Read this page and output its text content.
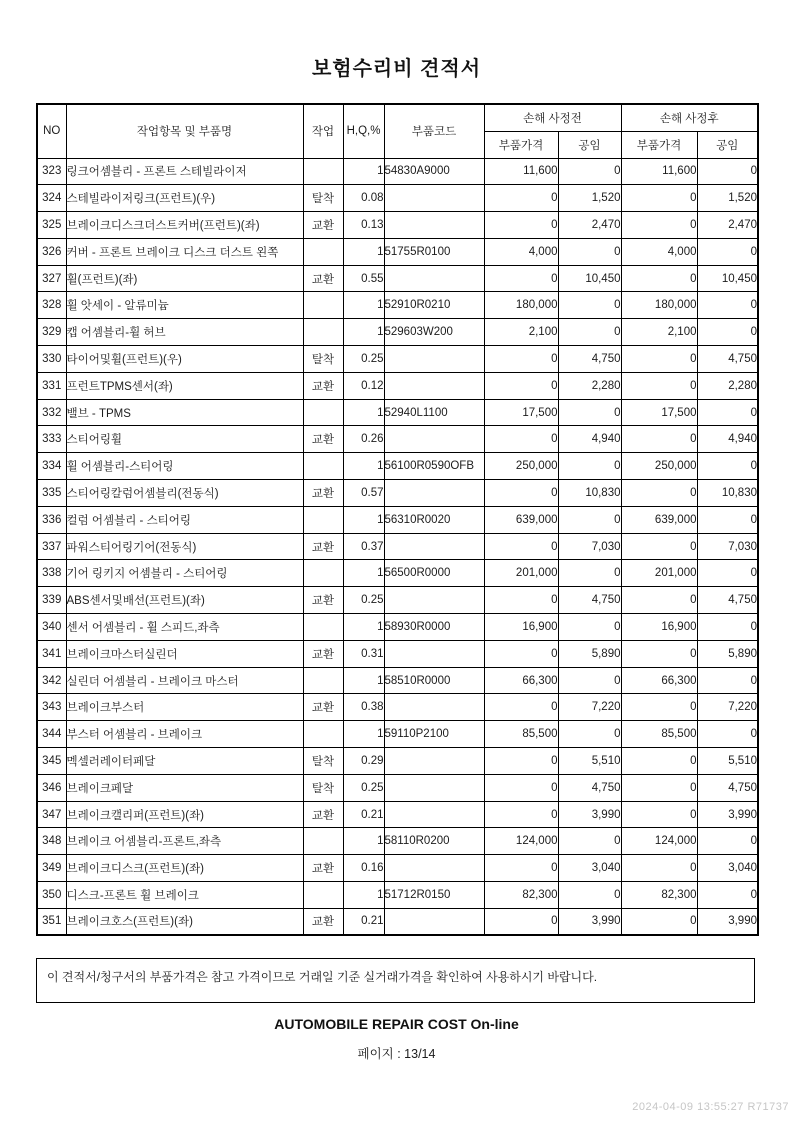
보험수리비 견적서
NO	작업항목 및 부품명	작업	H,Q,%	부품코드	손해 사정전		손해 사정후	
					부품가격	공임	부품가격	공임
323	링크어셈블리 - 프론트 스테빌라이저		1	54830A9000	11,600	0	11,600	0
324	스테빌라이저링크(프런트)(우)	탈착	0.08		0	1,520	0	1,520
325	브레이크디스크더스트커버(프런트)(좌)	교환	0.13		0	2,470	0	2,470
326	커버 - 프론트 브레이크 디스크 더스트 왼쪽		1	51755R0100	4,000	0	4,000	0
327	휠(프런트)(좌)	교환	0.55		0	10,450	0	10,450
328	휠 앗세이 - 알류미늄		1	52910R0210	180,000	0	180,000	0
329	캡 어셈블리-휠 허브		1	529603W200	2,100	0	2,100	0
330	타이어및휠(프런트)(우)	탈착	0.25		0	4,750	0	4,750
331	프런트TPMS센서(좌)	교환	0.12		0	2,280	0	2,280
332	밸브 - TPMS		1	52940L1100	17,500	0	17,500	0
333	스티어링휠	교환	0.26		0	4,940	0	4,940
334	휠 어셈블리-스티어링		1	56100R0590OFB	250,000	0	250,000	0
335	스티어링칼럼어셈블리(전동식)	교환	0.57		0	10,830	0	10,830
336	컬럼 어셈블리 - 스티어링		1	56310R0020	639,000	0	639,000	0
337	파워스티어링기어(전동식)	교환	0.37		0	7,030	0	7,030
338	기어 링키지 어셈블리 - 스티어링		1	56500R0000	201,000	0	201,000	0
339	ABS센서및배선(프런트)(좌)	교환	0.25		0	4,750	0	4,750
340	센서 어셈블리 - 휠 스피드,좌측		1	58930R0000	16,900	0	16,900	0
341	브레이크마스터실린더	교환	0.31		0	5,890	0	5,890
342	실린더 어셈블리 - 브레이크 마스터		1	58510R0000	66,300	0	66,300	0
343	브레이크부스터	교환	0.38		0	7,220	0	7,220
344	부스터 어셈블리 - 브레이크		1	59110P2100	85,500	0	85,500	0
345	멕셀러레이터페달	탈착	0.29		0	5,510	0	5,510
346	브레이크페달	탈착	0.25		0	4,750	0	4,750
347	브레이크캘리퍼(프런트)(좌)	교환	0.21		0	3,990	0	3,990
348	브레이크 어셈블리-프론트,좌측		1	58110R0200	124,000	0	124,000	0
349	브레이크디스크(프런트)(좌)	교환	0.16		0	3,040	0	3,040
350	디스크-프론트 휠 브레이크		1	51712R0150	82,300	0	82,300	0
351	브레이크호스(프런트)(좌)	교환	0.21		0	3,990	0	3,990
이 견적서/청구서의 부품가격은 참고 가격이므로 거래일 기준 실거래가격을 확인하여 사용하시기 바랍니다.
AUTOMOBILE REPAIR COST On-line
페이지 : 13/14
2024-04-09 13:55:27 R71737
